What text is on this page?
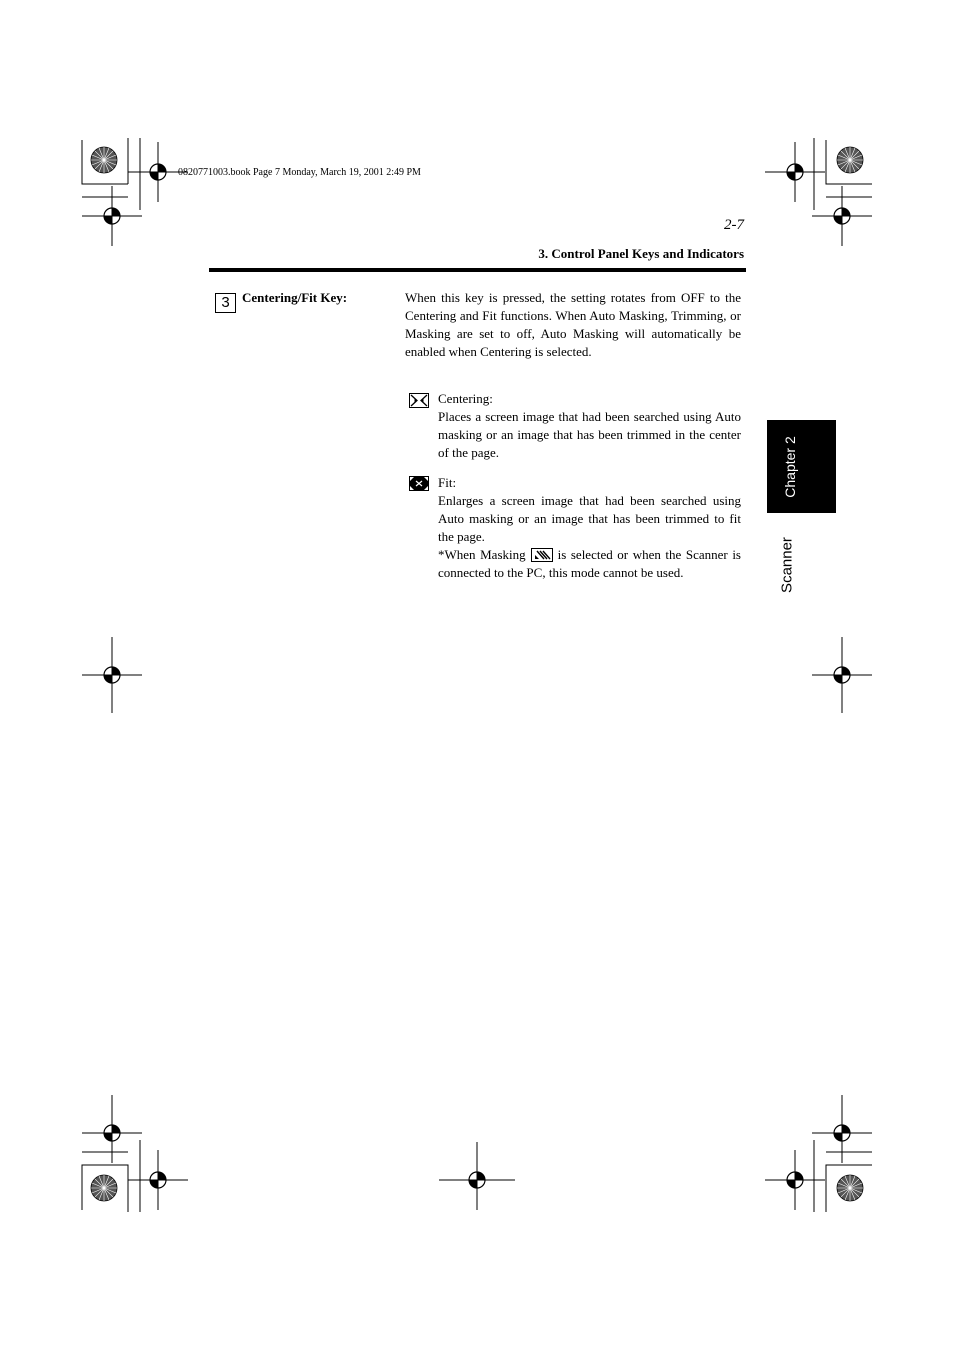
0820771003.book Page 7 Monday, March 19, 2001 2:49 PM
2-7
3. Control Panel Keys and Indicators
3 Centering/Fit Key:	When this key is pressed, the setting rotates from OFF to the Centering and Fit functions. When Auto Masking, Trimming, or Masking are set to off, Auto Masking will automatically be enabled when Centering is selected.

Centering:

Places a screen image that had been searched using Auto masking or an image that has been trimmed in the center of the page.

Fit:

Enlarges a screen image that had been searched using Auto masking or an image that has been trimmed to fit the page.

*When Masking is selected or when the Scanner is connected to the PC, this mode cannot be used.

Chapter 2
Scanner
